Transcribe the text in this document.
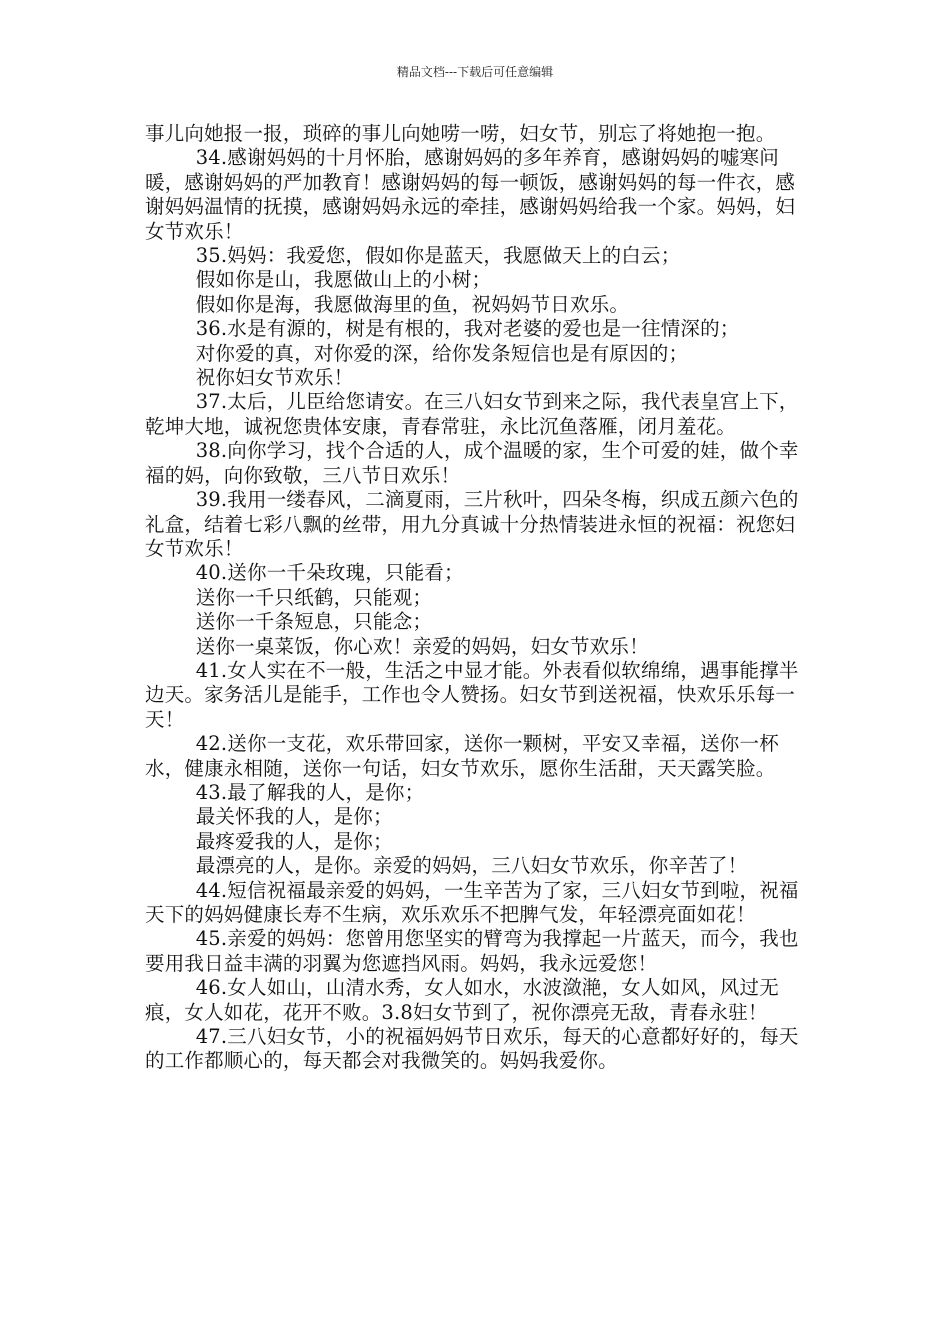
精品文档---下载后可任意编辑

事儿向她报一报，琐碎的事儿向她唠一唠，妇女节，别忘了将她抱一抱。

34.感谢妈妈的十月怀胎，感谢妈妈的多年养育，感谢妈妈的嘘寒问暖，感谢妈妈的严加教育！感谢妈妈的每一顿饭，感谢妈妈的每一件衣，感谢妈妈温情的抚摸，感谢妈妈永远的牵挂，感谢妈妈给我一个家。妈妈，妇女节欢乐！

35.妈妈：我爱您，假如你是蓝天，我愿做天上的白云；

假如你是山，我愿做山上的小树；

假如你是海，我愿做海里的鱼，祝妈妈节日欢乐。

36.水是有源的，树是有根的，我对老婆的爱也是一往情深的；

对你爱的真，对你爱的深，给你发条短信也是有原因的；

祝你妇女节欢乐！

37.太后，儿臣给您请安。在三八妇女节到来之际，我代表皇宫上下，乾坤大地，诚祝您贵体安康，青春常驻，永比沉鱼落雁，闭月羞花。

38.向你学习，找个合适的人，成个温暖的家，生个可爱的娃，做个幸福的妈，向你致敬，三八节日欢乐！

39.我用一缕春风，二滴夏雨，三片秋叶，四朵冬梅，织成五颜六色的礼盒，结着七彩八飘的丝带，用九分真诚十分热情装进永恒的祝福：祝您妇女节欢乐！

40.送你一千朵玫瑰，只能看；

送你一千只纸鹤，只能观；

送你一千条短息，只能念；

送你一桌菜饭，你心欢！亲爱的妈妈，妇女节欢乐！

41.女人实在不一般，生活之中显才能。外表看似软绵绵，遇事能撑半边天。家务活儿是能手，工作也令人赞扬。妇女节到送祝福，快欢乐乐每一天！

42.送你一支花，欢乐带回家，送你一颗树，平安又幸福，送你一杯水，健康永相随，送你一句话，妇女节欢乐，愿你生活甜，天天露笑脸。

43.最了解我的人，是你；

最关怀我的人，是你；

最疼爱我的人，是你；

最漂亮的人，是你。亲爱的妈妈，三八妇女节欢乐，你辛苦了！

44.短信祝福最亲爱的妈妈，一生辛苦为了家，三八妇女节到啦，祝福天下的妈妈健康长寿不生病，欢乐欢乐不把脾气发，年轻漂亮面如花！

45.亲爱的妈妈：您曾用您坚实的臂弯为我撑起一片蓝天，而今，我也要用我日益丰满的羽翼为您遮挡风雨。妈妈，我永远爱您！

46.女人如山，山清水秀，女人如水，水波潋滟，女人如风，风过无痕，女人如花，花开不败。3.8妇女节到了，祝你漂亮无敌，青春永驻！

47.三八妇女节，小的祝福妈妈节日欢乐，每天的心意都好好的，每天的工作都顺心的，每天都会对我微笑的。妈妈我爱你。
